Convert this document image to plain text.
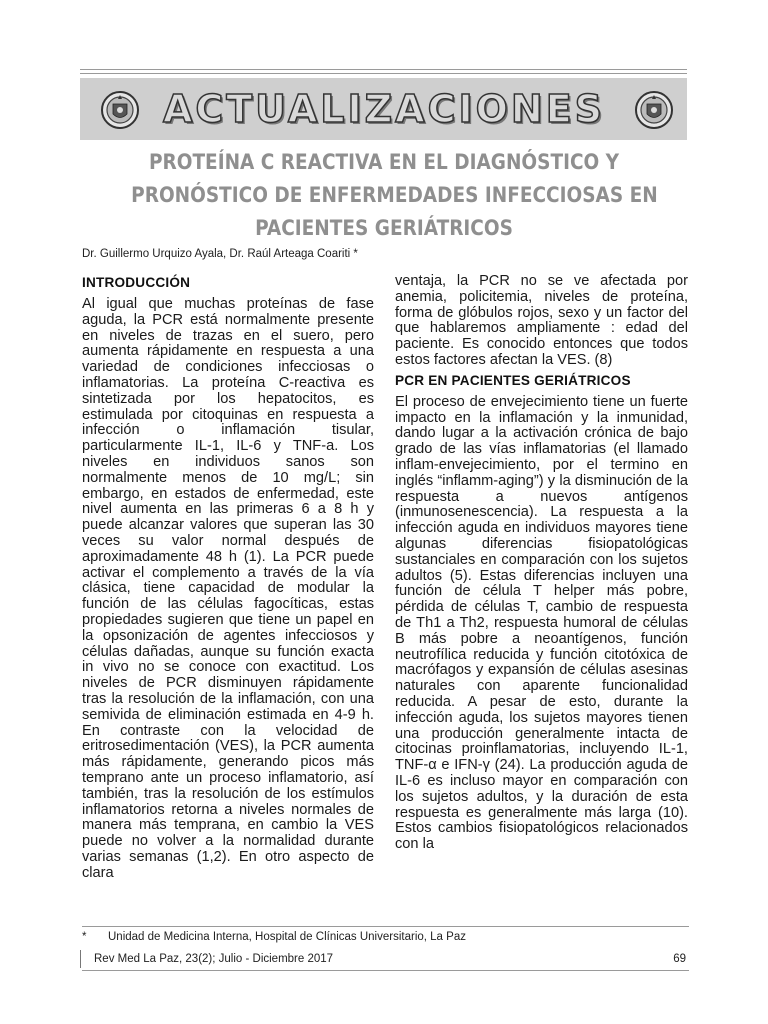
ACTUALIZACIONES
PROTEÍNA C REACTIVA EN EL DIAGNÓSTICO Y
PRONÓSTICO DE ENFERMEDADES INFECCIOSAS EN
PACIENTES GERIÁTRICOS
Dr. Guillermo Urquizo Ayala, Dr. Raúl Arteaga Coariti *
INTRODUCCIÓN

Al igual que muchas proteínas de fase aguda, la PCR está normalmente presente en niveles de trazas en el suero, pero aumenta rápidamente en respuesta a una variedad de condiciones infecciosas o inflamatorias. La proteína C-reactiva es sintetizada por los hepatocitos, es estimulada por citoquinas en respuesta a infección o inflamación tisular, particularmente IL-1, IL-6 y TNF-a. Los niveles en individuos sanos son normalmente menos de 10 mg/L; sin embargo, en estados de enfermedad, este nivel aumenta en las primeras 6 a 8 h y puede alcanzar valores que superan las 30 veces su valor normal después de aproximadamente 48 h (1). La PCR puede activar el complemento a través de la vía clásica, tiene capacidad de modular la función de las células fagocíticas, estas propiedades sugieren que tiene un papel en la opsonización de agentes infecciosos y células dañadas, aunque su función exacta in vivo no se conoce con exactitud. Los niveles de PCR disminuyen rápidamente tras la resolución de la inflamación, con una semivida de eliminación estimada en 4-9 h. En contraste con la velocidad de eritrosedimentación (VES), la PCR aumenta más rápidamente, generando picos más temprano ante un proceso inflamatorio, así también, tras la resolución de los estímulos inflamatorios retorna a niveles normales de manera más temprana, en cambio la VES puede no volver a la normalidad durante varias semanas (1,2). En otro aspecto de clara

ventaja, la PCR no se ve afectada por anemia, policitemia, niveles de proteína, forma de glóbulos rojos, sexo y un factor del que hablaremos ampliamente : edad del paciente. Es conocido entonces que todos estos factores afectan la VES. (8)

PCR EN PACIENTES GERIÁTRICOS

El proceso de envejecimiento tiene un fuerte impacto en la inflamación y la inmunidad, dando lugar a la activación crónica de bajo grado de las vías inflamatorias (el llamado inflam-envejecimiento, por el termino en inglés “inflamm-aging”) y la disminución de la respuesta a nuevos antígenos (inmunosenescencia). La respuesta a la infección aguda en individuos mayores tiene algunas diferencias fisiopatológicas sustanciales en comparación con los sujetos adultos (5). Estas diferencias incluyen una función de célula T helper más pobre, pérdida de células T, cambio de respuesta de Th1 a Th2, respuesta humoral de células B más pobre a neoantígenos, función neutrofílica reducida y función citotóxica de macrófagos y expansión de células asesinas naturales con aparente funcionalidad reducida. A pesar de esto, durante la infección aguda, los sujetos mayores tienen una producción generalmente intacta de citocinas proinflamatorias, incluyendo IL-1, TNF-α e IFN-γ (24). La producción aguda de IL-6 es incluso mayor en comparación con los sujetos adultos, y la duración de esta respuesta es generalmente más larga (10). Estos cambios fisiopatológicos relacionados con la

* Unidad de Medicina Interna, Hospital de Clínicas Universitario, La Paz
Rev Med La Paz, 23(2); Julio - Diciembre 2017	69
